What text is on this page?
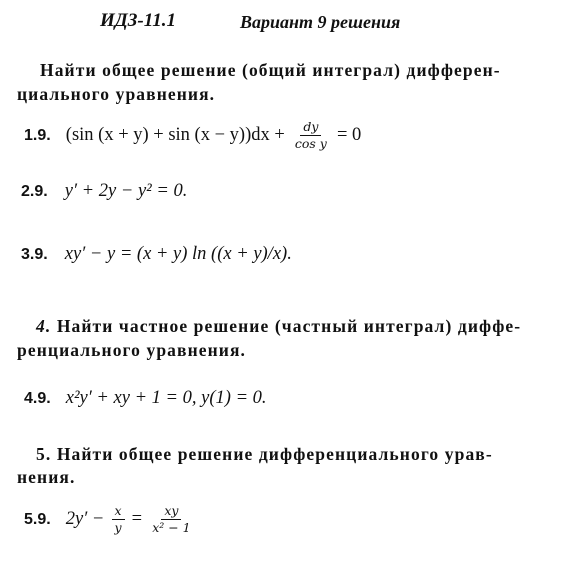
ИДЗ-11.1	Вариант 9 решения
Найти общее решение (общий интеграл) дифферен-
циального уравнения.
1.9. (sin $(x + y) + \sin (x - y))dx + \frac{dy}{\text{cos y}} = 0$
2.9. y′ + 2y − y² = 0.
3.9. xy′ − y = (x + y) ln ((x + y)/x).
4. Найти частное решение (частный интеграл) диффе-
ренциального уравнения.
4.9. x²y′ + xy + 1 = 0, y(1) = 0.
5. Найти общее решение дифференциального урав-
нения.
5.9. $2y' - \frac{x}{y} = \frac{xy}{\text{x² − 1}}$
